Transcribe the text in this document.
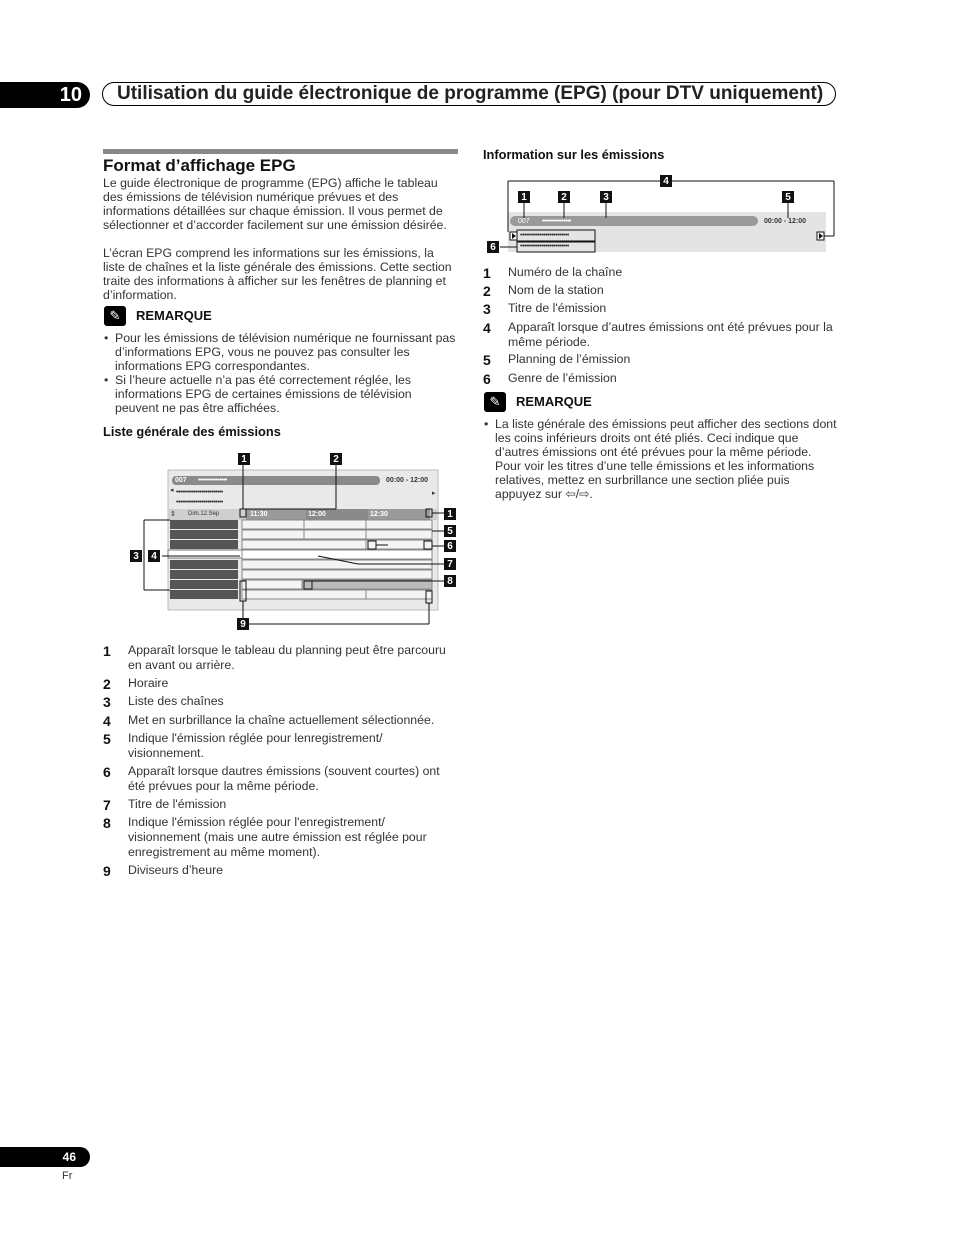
10	Utilisation du guide électronique de programme (EPG) (pour DTV uniquement)
Format d’affichage EPG
Le guide électronique de programme (EPG) affiche le tableau des émissions de télévision numérique prévues et des informations détaillées sur chaque émission. Il vous permet de sélectionner et d’accorder facilement sur une émission désirée.
L’écran EPG comprend les informations sur les émissions, la liste de chaînes et la liste générale des émissions. Cette section traite des informations à afficher sur les fenêtres de planning et d’information.
✎	REMARQUE
• Pour les émissions de télévision numérique ne fournissant pas d’informations EPG, vous ne pouvez pas consulter les informations EPG correspondantes.
• Si l’heure actuelle n’a pas été correctement réglée, les informations EPG de certaines émissions de télévision peuvent ne pas être affichées.
Liste générale des émissions
007 •••••••••••••••	00:00 - 12:00
◂	▸
••••••••••••••••••••••••
••••••••••••••••••••••••
⇕ Dim.12.Sep	11:30	12:00	12:30
1	2
1
3	4
5
6
7
8
9
1 Apparaît lorsque le tableau du planning peut être parcouru en avant ou arrière.
2 Horaire
3 Liste des chaînes
4 Met en surbrillance la chaîne actuellement sélectionnée.
5 Indique l'émission réglée pour lenregistrement/ visionnement.
6 Apparaît lorsque dautres émissions (souvent courtes) ont été prévues pour la même période.
7 Titre de l'émission
8 Indique l'émission réglée pour l'enregistrement/ visionnement (mais une autre émission est réglée pour enregistrement au même moment).
9 Diviseurs d’heure
Information sur les émissions
007 •••••••••••••••	00:00 - 12:00
•••••••••••••••••••••••••
•••••••••••••••••••••••••
1	2	3
4
5
6
1 Numéro de la chaîne
2 Nom de la station
3 Titre de l'émission
4 Apparaît lorsque d’autres émissions ont été prévues pour la même période.
5 Planning de l’émission
6 Genre de l’émission
✎	REMARQUE
• La liste générale des émissions peut afficher des sections dont les coins inférieurs droits ont été pliés. Ceci indique que d’autres émissions ont été prévues pour la même période. Pour voir les titres d’une telle émissions et les informations relatives, mettez en surbrillance une section pliée puis appuyez sur ⇦/⇨.
46
Fr
